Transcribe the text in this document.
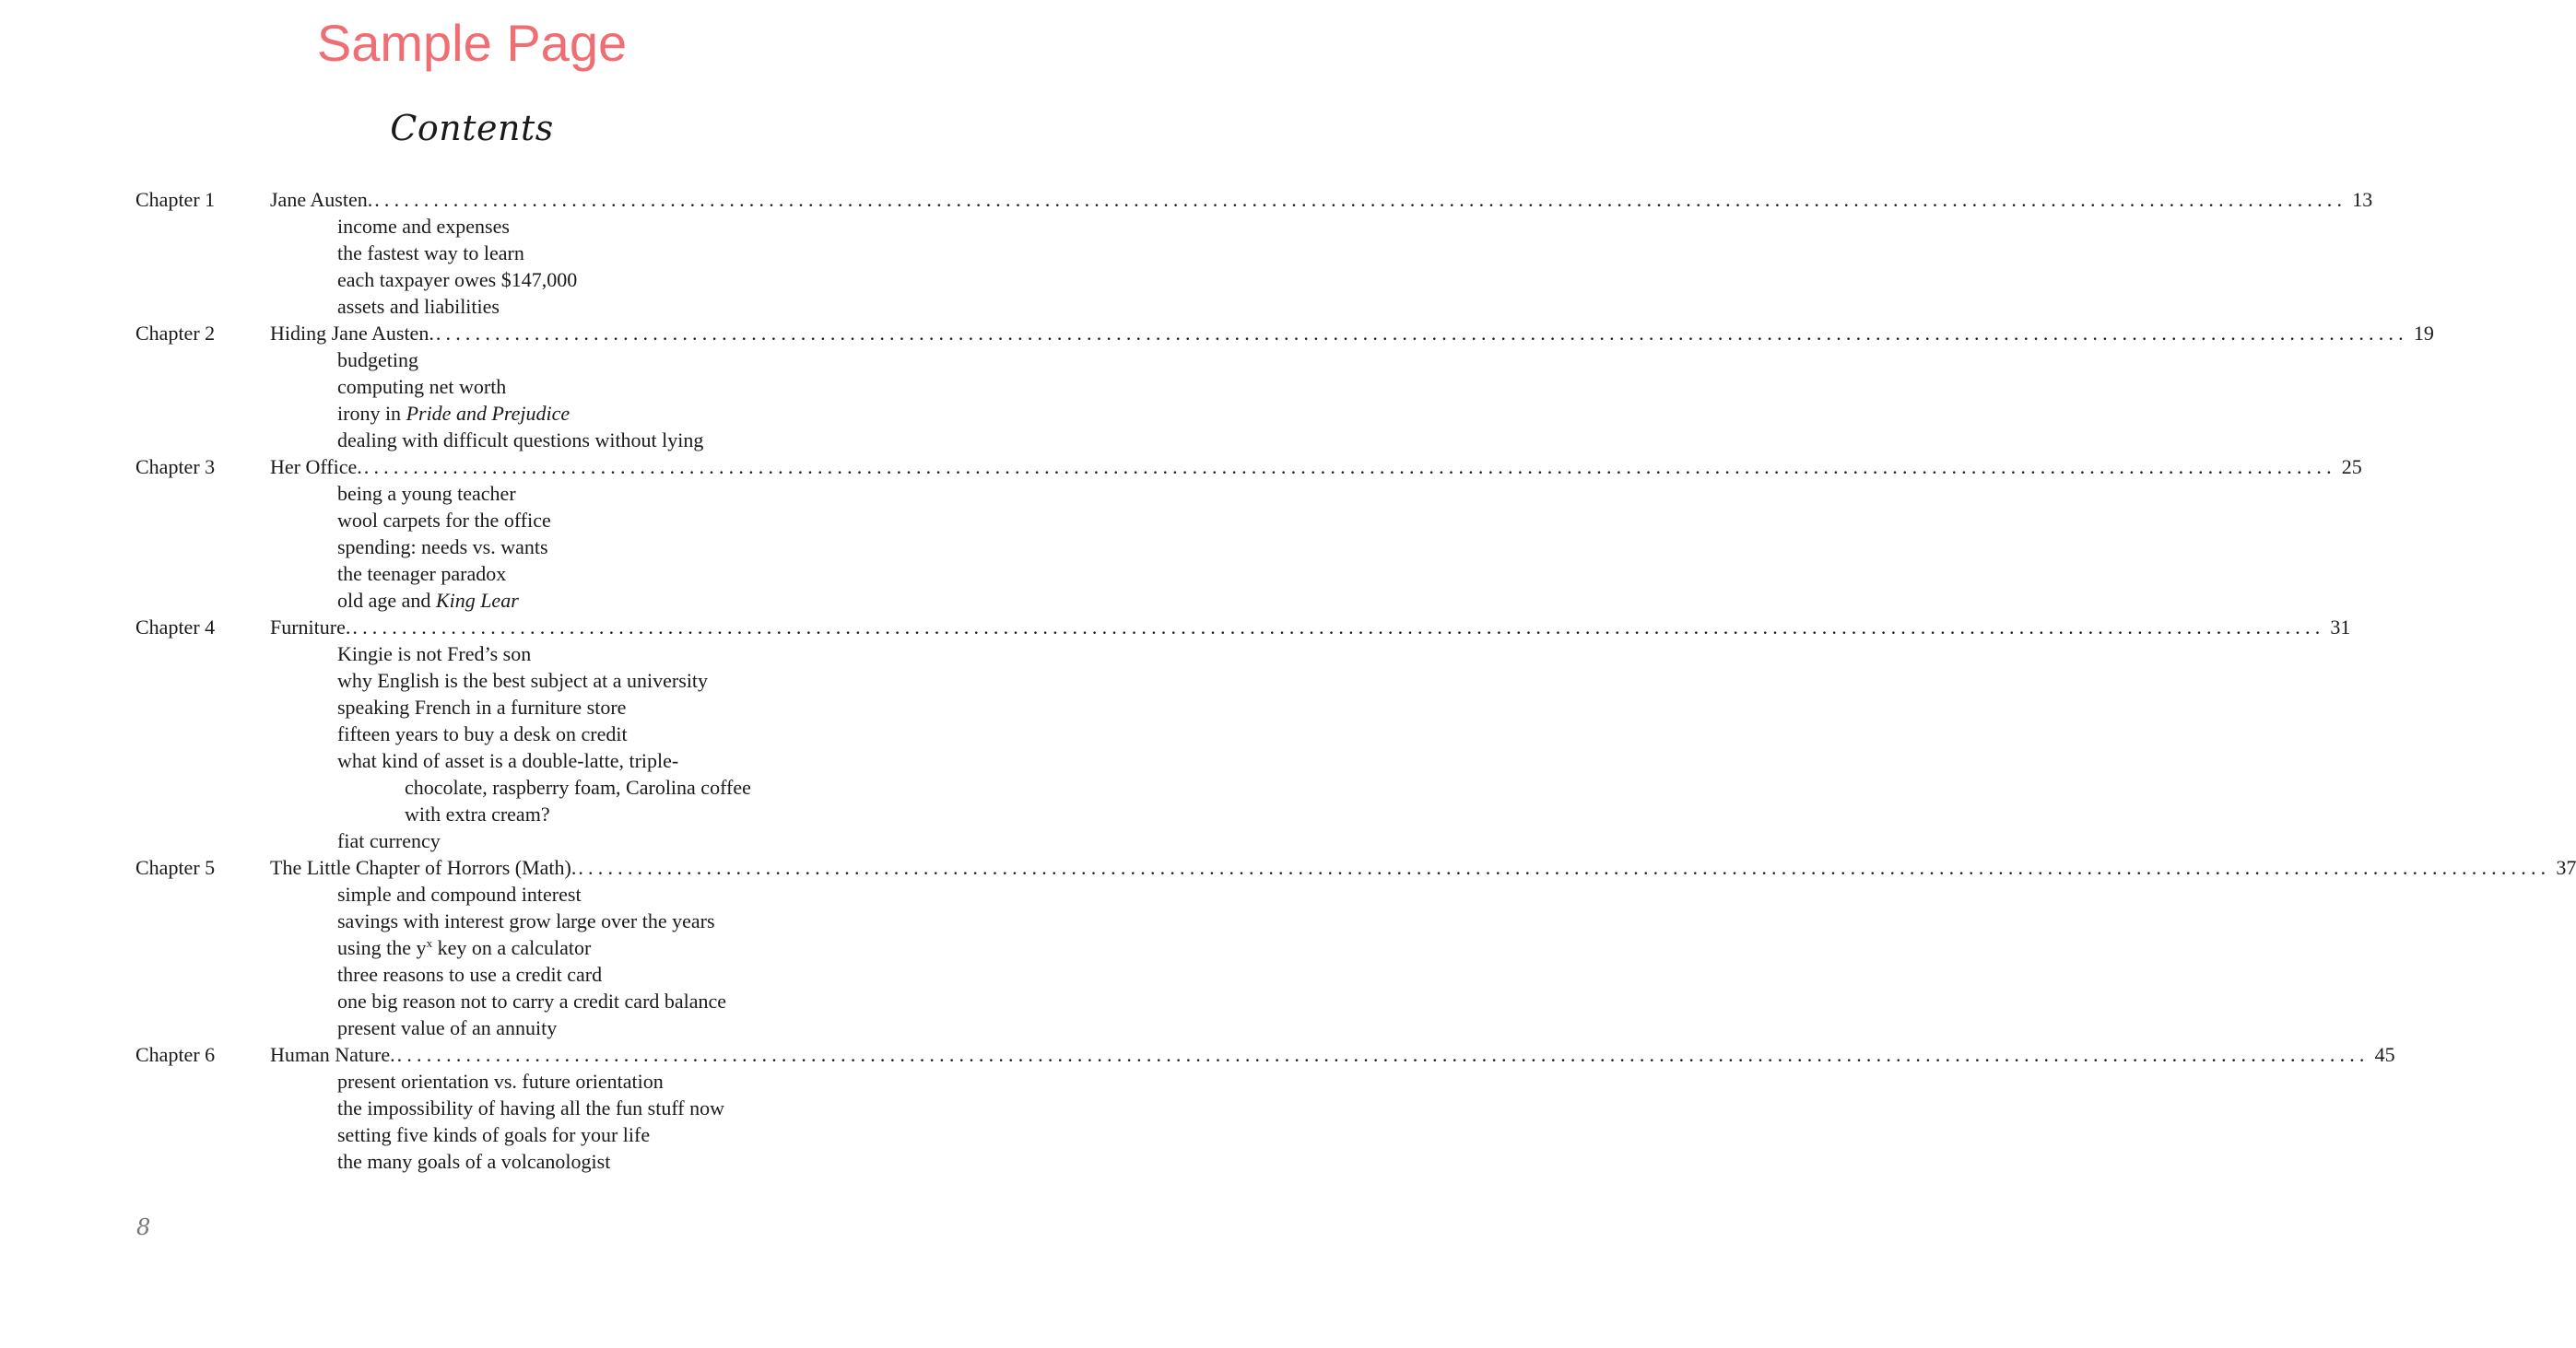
Sample Page
Contents
Chapter 1	Jane Austen. ........................................................................................................................................................................................................ 13
income and expenses
the fastest way to learn
each taxpayer owes $147,000
assets and liabilities
Chapter 2	Hiding Jane Austen. ........................................................................................................................................................................................................ 19
budgeting
computing net worth
irony in Pride and Prejudice
dealing with difficult questions without lying
Chapter 3	Her Office. ........................................................................................................................................................................................................ 25
being a young teacher
wool carpets for the office
spending: needs vs. wants
the teenager paradox
old age and King Lear
Chapter 4	Furniture. ........................................................................................................................................................................................................ 31
Kingie is not Fred’s son
why English is the best subject at a university
speaking French in a furniture store
fifteen years to buy a desk on credit
what kind of asset is a double-latte, triple-
chocolate, raspberry foam, Carolina coffee
with extra cream?
fiat currency
Chapter 5	The Little Chapter of Horrors (Math). ........................................................................................................................................................................................................ 37
simple and compound interest
savings with interest grow large over the years
using the $y^x$ key on a calculator
three reasons to use a credit card
one big reason not to carry a credit card balance
present value of an annuity
Chapter 6	Human Nature. ........................................................................................................................................................................................................ 45
present orientation vs. future orientation
the impossibility of having all the fun stuff now
setting five kinds of goals for your life
the many goals of a volcanologist
8
